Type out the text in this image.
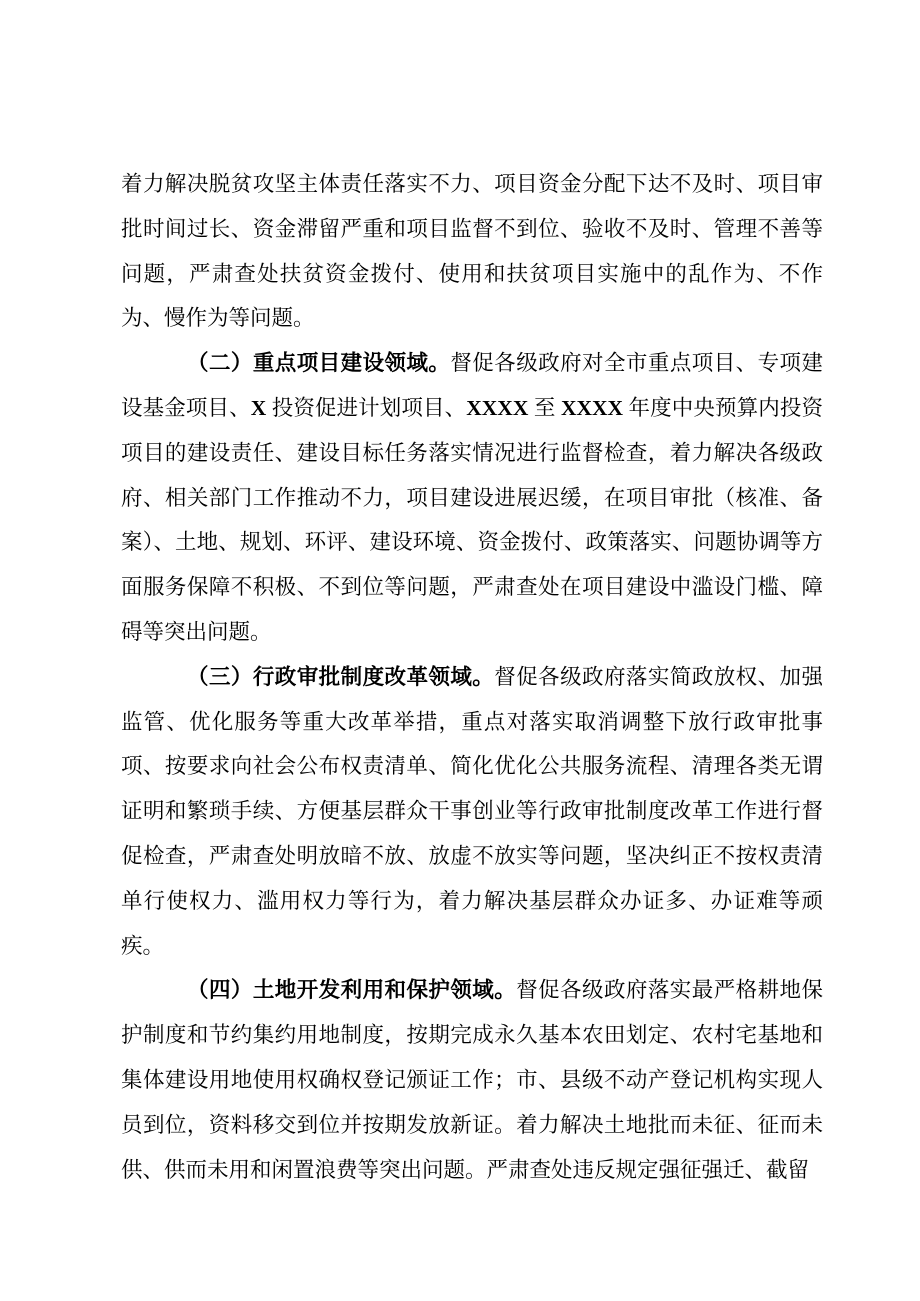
着力解决脱贫攻坚主体责任落实不力、项目资金分配下达不及时、项目审批时间过长、资金滞留严重和项目监督不到位、验收不及时、管理不善等问题，严肃查处扶贫资金拨付、使用和扶贫项目实施中的乱作为、不作为、慢作为等问题。

（二）重点项目建设领域。督促各级政府对全市重点项目、专项建设基金项目、X 投资促进计划项目、XXXX 至 XXXX 年度中央预算内投资项目的建设责任、建设目标任务落实情况进行监督检查，着力解决各级政府、相关部门工作推动不力，项目建设进展迟缓，在项目审批（核准、备案）、土地、规划、环评、建设环境、资金拨付、政策落实、问题协调等方面服务保障不积极、不到位等问题，严肃查处在项目建设中滥设门槛、障碍等突出问题。

（三）行政审批制度改革领域。督促各级政府落实简政放权、加强监管、优化服务等重大改革举措，重点对落实取消调整下放行政审批事项、按要求向社会公布权责清单、简化优化公共服务流程、清理各类无谓证明和繁琐手续、方便基层群众干事创业等行政审批制度改革工作进行督促检查，严肃查处明放暗不放、放虚不放实等问题，坚决纠正不按权责清单行使权力、滥用权力等行为，着力解决基层群众办证多、办证难等顽疾。

（四）土地开发利用和保护领域。督促各级政府落实最严格耕地保护制度和节约集约用地制度，按期完成永久基本农田划定、农村宅基地和集体建设用地使用权确权登记颁证工作；市、县级不动产登记机构实现人员到位，资料移交到位并按期发放新证。着力解决土地批而未征、征而未供、供而未用和闲置浪费等突出问题。严肃查处违反规定强征强迁、截留
